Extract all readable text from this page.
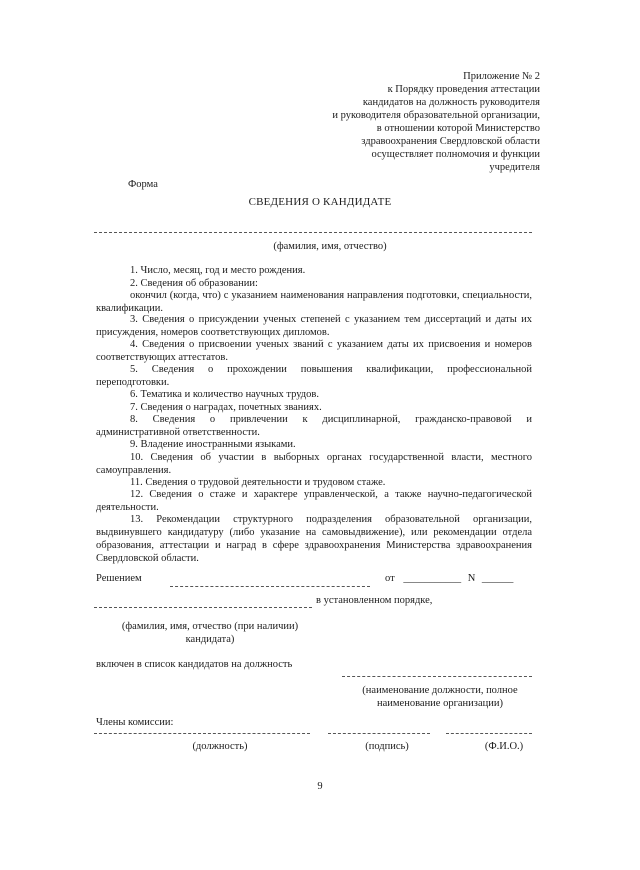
Приложение № 2
к Порядку проведения аттестации
кандидатов на должность руководителя
и руководителя образовательной организации,
в отношении которой Министерство
здравоохранения Свердловской области
осуществляет полномочия и функции
учредителя
Форма
СВЕДЕНИЯ О КАНДИДАТЕ
(фамилия, имя, отчество)
1. Число, месяц, год и место рождения.
2. Сведения об образовании:
окончил (когда, что) с указанием наименования направления подготовки, специальности, квалификации.
3. Сведения о присуждении ученых степеней с указанием тем диссертаций и даты их присуждения, номеров соответствующих дипломов.
4. Сведения о присвоении ученых званий с указанием даты их присвоения и номеров соответствующих аттестатов.
5. Сведения о прохождении повышения квалификации, профессиональной переподготовки.
6. Тематика и количество научных трудов.
7. Сведения о наградах, почетных званиях.
8. Сведения о привлечении к дисциплинарной, гражданско-правовой и административной ответственности.
9. Владение иностранными языками.
10. Сведения об участии в выборных органах государственной власти, местного самоуправления.
11. Сведения о трудовой деятельности и трудовом стаже.
12. Сведения о стаже и характере управленческой, а также научно-педагогической деятельности.
13. Рекомендации структурного подразделения образовательной организации, выдвинувшего кандидатуру (либо указание на самовыдвижение), или рекомендации отдела образования, аттестации и наград в сфере здравоохранения Министерства здравоохранения Свердловской области.
Решением	от ___________ N ______
в установленном порядке,
(фамилия, имя, отчество (при наличии)
кандидата)
включен в список кандидатов на должность
(наименование должности, полное
наименование организации)
Члены комиссии:
(должность)	(подпись)	(Ф.И.О.)
9
